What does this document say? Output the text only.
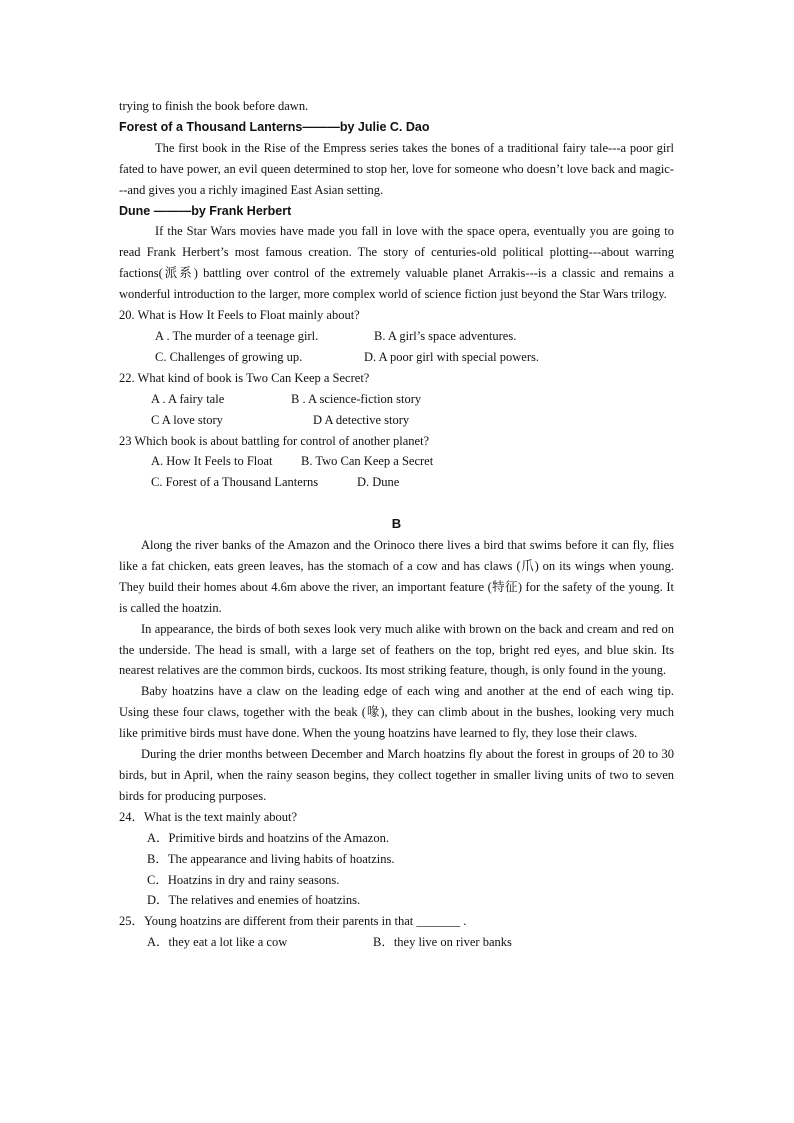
trying to finish the book before dawn.

Forest of a Thousand Lanterns———by Julie C. Dao

The first book in the Rise of the Empress series takes the bones of a traditional fairy tale---a poor girl fated to have power, an evil queen determined to stop her, love for someone who doesn’t love back and magic---and gives you a richly imagined East Asian setting.

Dune ———by Frank Herbert

If the Star Wars movies have made you fall in love with the space opera, eventually you are going to read Frank Herbert’s most famous creation. The story of centuries-old political plotting---about warring factions(派系) battling over control of the extremely valuable planet Arrakis---is a classic and remains a wonderful introduction to the larger, more complex world of science fiction just beyond the Star Wars trilogy.

20. What is How It Feels to Float mainly about?

A . The murder of a teenage girl.	B. A girl’s space adventures.
C. Challenges of growing up.	D. A poor girl with special powers.

22. What kind of book is Two Can Keep a Secret?

A . A fairy tale	B . A science-fiction story
C A love story	D A detective story

23 Which book is about battling for control of another planet?

A. How It Feels to Float	B. Two Can Keep a Secret
C. Forest of a Thousand Lanterns	D. Dune

B

Along the river banks of the Amazon and the Orinoco there lives a bird that swims before it can fly, flies like a fat chicken, eats green leaves, has the stomach of a cow and has claws (爪) on its wings when young. They build their homes about 4.6m above the river, an important feature (特征) for the safety of the young. It is called the hoatzin.

In appearance, the birds of both sexes look very much alike with brown on the back and cream and red on the underside. The head is small, with a large set of feathers on the top, bright red eyes, and blue skin. Its nearest relatives are the common birds, cuckoos. Its most striking feature, though, is only found in the young.

Baby hoatzins have a claw on the leading edge of each wing and another at the end of each wing tip. Using these four claws, together with the beak (喙), they can climb about in the bushes, looking very much like primitive birds must have done. When the young hoatzins have learned to fly, they lose their claws.

During the drier months between December and March hoatzins fly about the forest in groups of 20 to 30 birds, but in April, when the rainy season begins, they collect together in smaller living units of two to seven birds for producing purposes.

24．What is the text mainly about?

A．Primitive birds and hoatzins of the Amazon.

B．The appearance and living habits of hoatzins.

C．Hoatzins in dry and rainy seasons.

D．The relatives and enemies of hoatzins.

25．Young hoatzins are different from their parents in that _______ .

A．they eat a lot like a cow	B．they live on river banks
